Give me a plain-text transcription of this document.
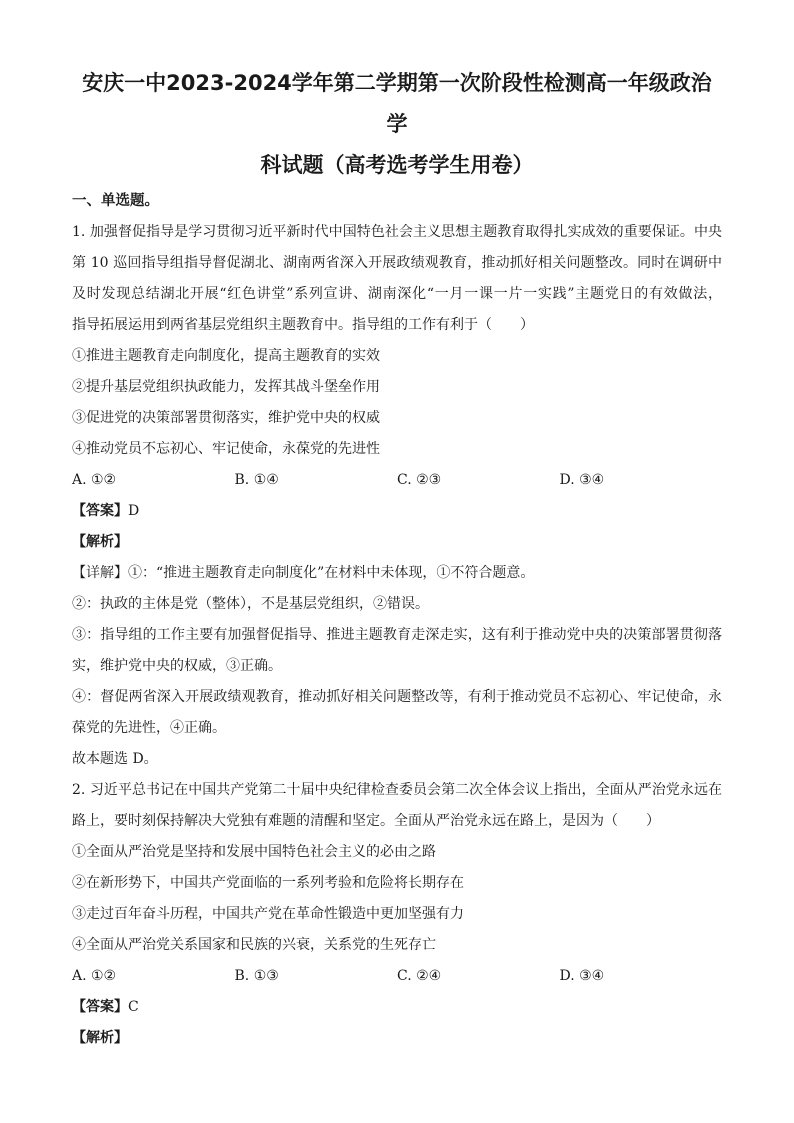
安庆一中2023-2024学年第二学期第一次阶段性检测高一年级政治学
科试题（高考选考学生用卷）

一、单选题。

1. 加强督促指导是学习贯彻习近平新时代中国特色社会主义思想主题教育取得扎实成效的重要保证。中央

第 10 巡回指导组指导督促湖北、湖南两省深入开展政绩观教育，推动抓好相关问题整改。同时在调研中

及时发现总结湖北开展“红色讲堂”系列宣讲、湖南深化“一月一课一片一实践”主题党日的有效做法，

指导拓展运用到两省基层党组织主题教育中。指导组的工作有利于（　　）

①推进主题教育走向制度化，提高主题教育的实效

②提升基层党组织执政能力，发挥其战斗堡垒作用

③促进党的决策部署贯彻落实，维护党中央的权威

④推动党员不忘初心、牢记使命，永葆党的先进性

A. ①②	B. ①④	C. ②③	D. ③④

【答案】D

【解析】

【详解】①：“推进主题教育走向制度化”在材料中未体现，①不符合题意。

②：执政的主体是党（整体），不是基层党组织，②错误。

③：指导组的工作主要有加强督促指导、推进主题教育走深走实，这有利于推动党中央的决策部署贯彻落

实，维护党中央的权威，③正确。

④：督促两省深入开展政绩观教育，推动抓好相关问题整改等，有利于推动党员不忘初心、牢记使命，永

葆党的先进性，④正确。

故本题选 D。

2. 习近平总书记在中国共产党第二十届中央纪律检查委员会第二次全体会议上指出，全面从严治党永远在

路上，要时刻保持解决大党独有难题的清醒和坚定。全面从严治党永远在路上，是因为（　　）

①全面从严治党是坚持和发展中国特色社会主义的必由之路

②在新形势下，中国共产党面临的一系列考验和危险将长期存在

③走过百年奋斗历程，中国共产党在革命性锻造中更加坚强有力

④全面从严治党关系国家和民族的兴衰，关系党的生死存亡

A. ①②	B. ①③	C. ②④	D. ③④

【答案】C

【解析】
